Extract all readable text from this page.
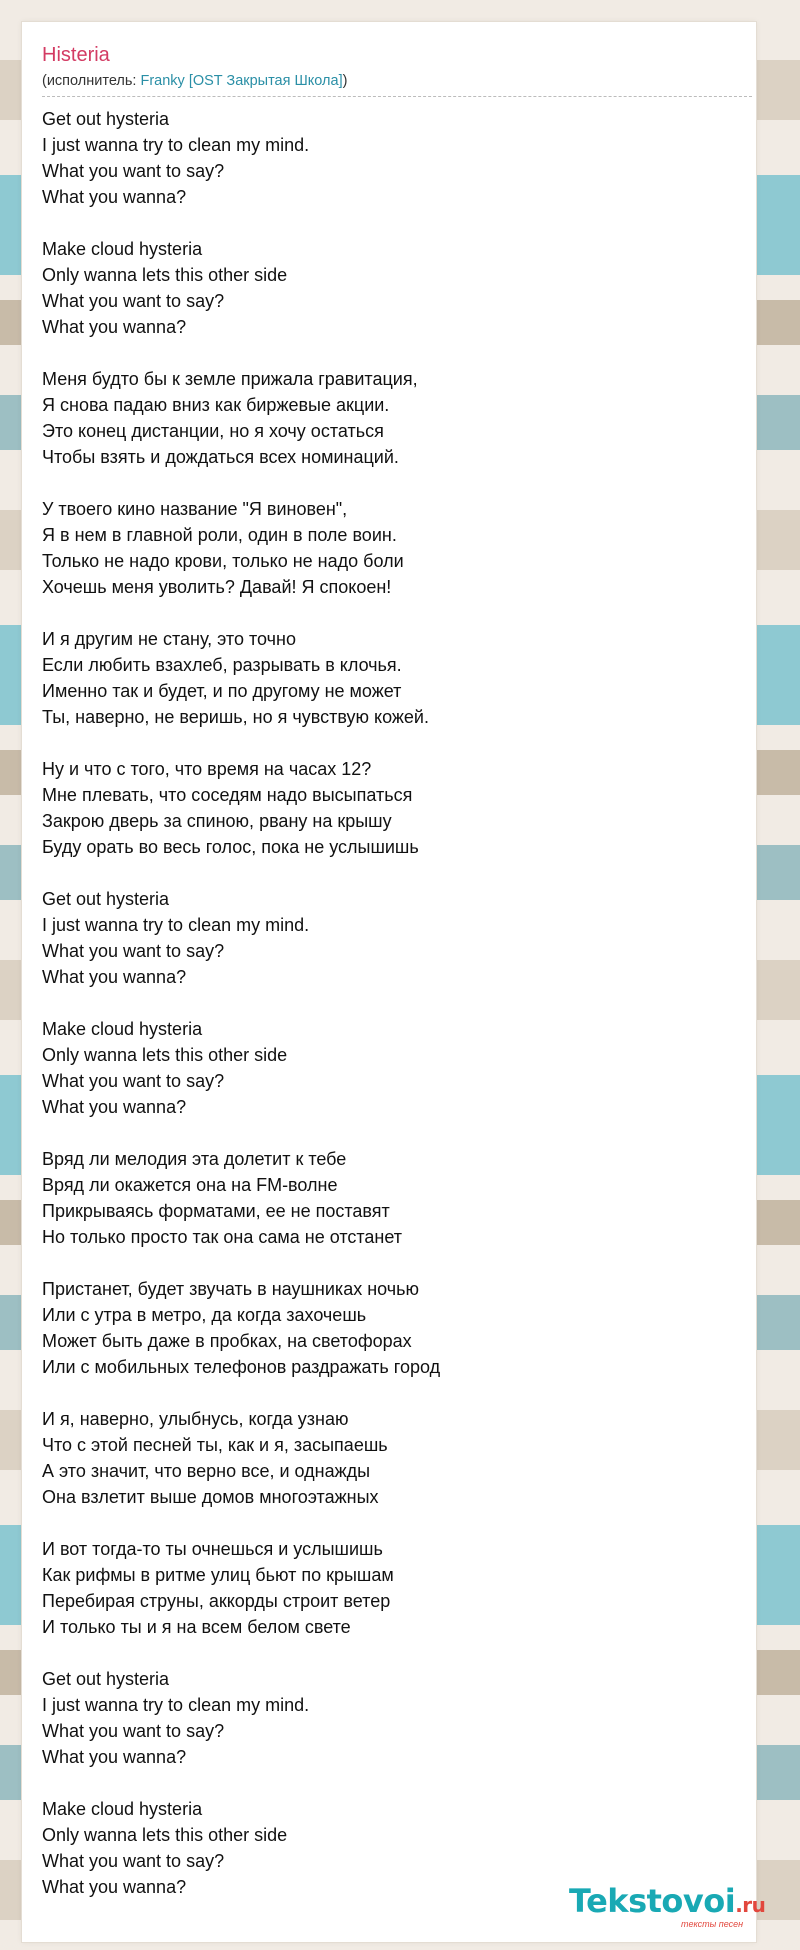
Histeria
(исполнитель: Franky [OST Закрытая Школа])
Get out hysteria
I just wanna try to clean my mind.
What you want to say?
What you wanna?
Make cloud hysteria
Only wanna lets this other side
What you want to say?
What you wanna?
Меня будто бы к земле прижала гравитация,
Я снова падаю вниз как биржевые акции.
Это конец дистанции, но я хочу остаться
Чтобы взять и дождаться всех номинаций.
У твоего кино название "Я виновен",
Я в нем в главной роли, один в поле воин.
Только не надо крови, только не надо боли
Хочешь меня уволить? Давай! Я спокоен!
И я другим не стану, это точно
Если любить взахлеб, разрывать в клочья.
Именно так и будет, и по другому не может
Ты, наверно, не веришь, но я чувствую кожей.
Ну и что с того, что время на часах 12?
Мне плевать, что соседям надо высыпаться
Закрою дверь за спиною, рвану на крышу
Буду орать во весь голос, пока не услышишь
Get out hysteria
I just wanna try to clean my mind.
What you want to say?
What you wanna?
Make cloud hysteria
Only wanna lets this other side
What you want to say?
What you wanna?
Вряд ли мелодия эта долетит к тебе
Вряд ли окажется она на FM-волне
Прикрываясь форматами, ее не поставят
Но только просто так она сама не отстанет
Пристанет, будет звучать в наушниках ночью
Или с утра в метро, да когда захочешь
Может быть даже в пробках, на светофорах
Или с мобильных телефонов раздражать город
И я, наверно, улыбнусь, когда узнаю
Что с этой песней ты, как и я, засыпаешь
А это значит, что верно все, и однажды
Она взлетит выше домов многоэтажных
И вот тогда-то ты очнешься и услышишь
Как рифмы в ритме улиц бьют по крышам
Перебирая струны, аккорды строит ветер
И только ты и я на всем белом свете
Get out hysteria
I just wanna try to clean my mind.
What you want to say?
What you wanna?
Make cloud hysteria
Only wanna lets this other side
What you want to say?
What you wanna?	Tekstovoi.ru
тексты песен
